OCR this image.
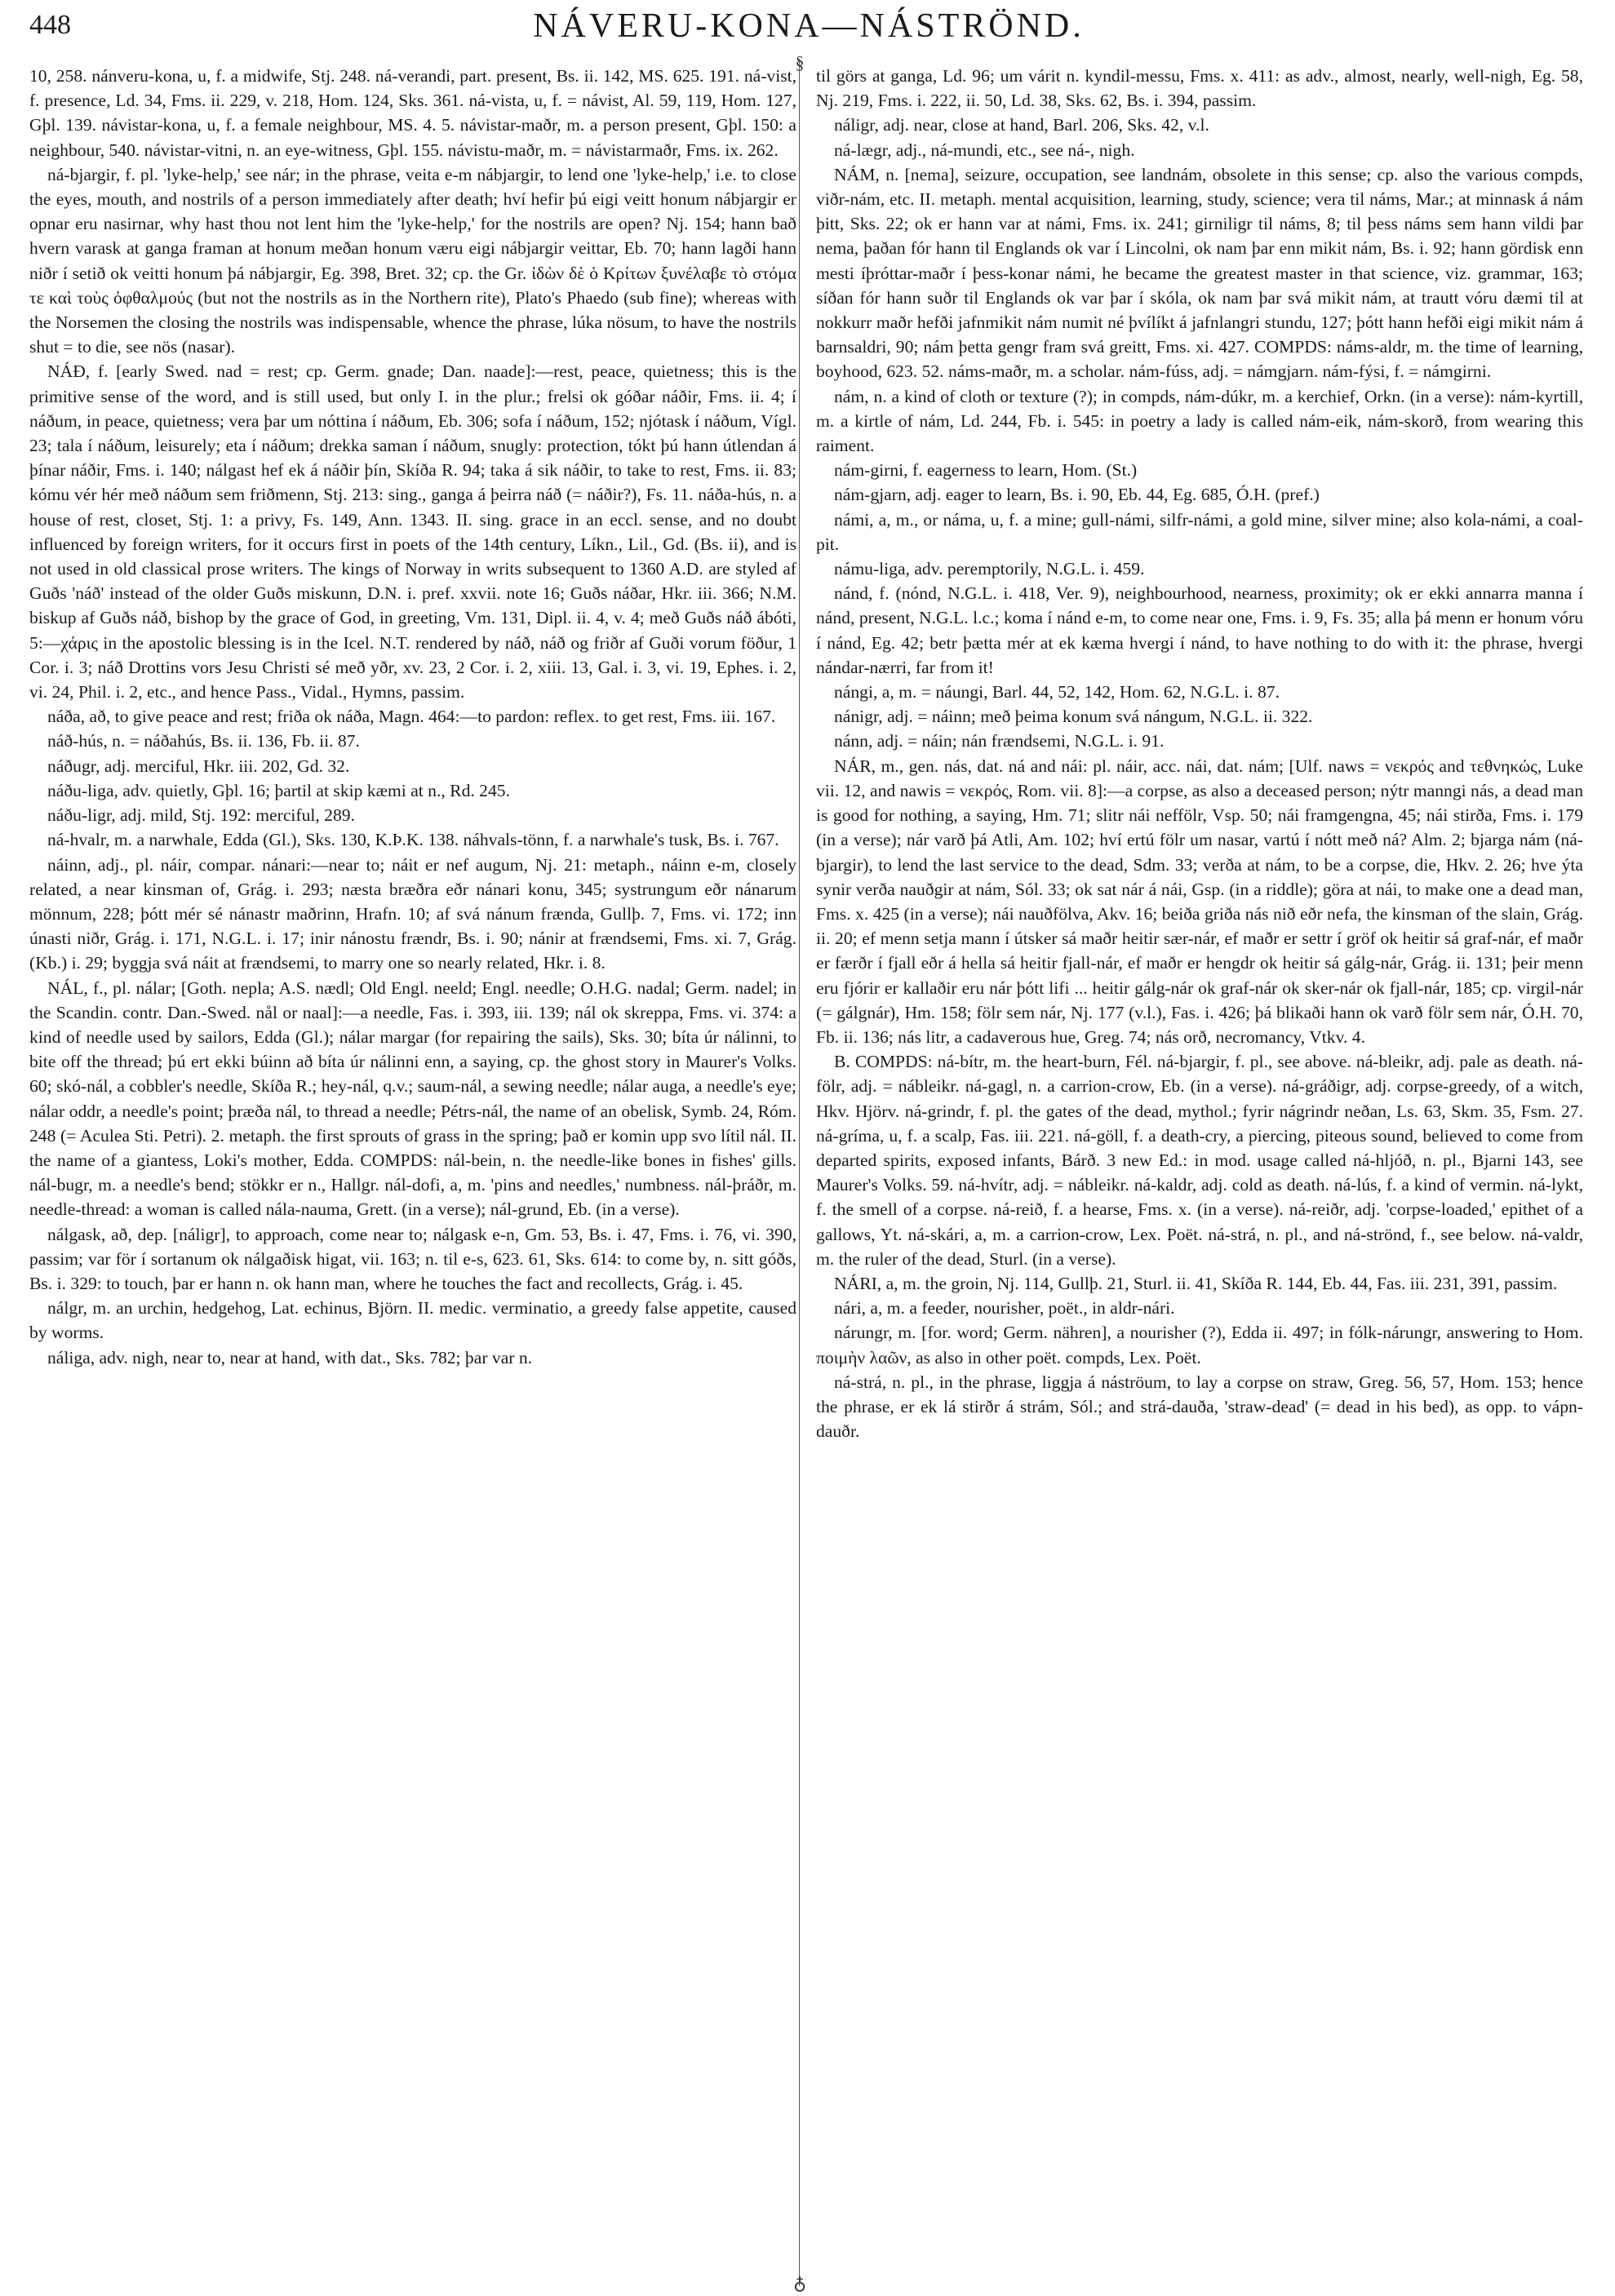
448	NÁVERU-KONA—NÁSTRÖND.
§
♁

10, 258. nánveru-kona, u, f. a midwife, Stj. 248. ná-verandi, part. present, Bs. ii. 142, MS. 625. 191. ná-vist, f. presence, Ld. 34, Fms. ii. 229, v. 218, Hom. 124, Sks. 361. ná-vista, u, f. = návist, Al. 59, 119, Hom. 127, Gþl. 139. návistar-kona, u, f. a female neighbour, MS. 4. 5. návistar-maðr, m. a person present, Gþl. 150: a neighbour, 540. návistar-vitni, n. an eye-witness, Gþl. 155. návistu-maðr, m. = návistarmaðr, Fms. ix. 262.

ná-bjargir, f. pl. 'lyke-help,' see nár; in the phrase, veita e-m nábjargir, to lend one 'lyke-help,' i.e. to close the eyes, mouth, and nostrils of a person immediately after death; hví hefir þú eigi veitt honum nábjargir er opnar eru nasirnar, why hast thou not lent him the 'lyke-help,' for the nostrils are open? Nj. 154; hann bað hvern varask at ganga framan at honum meðan honum væru eigi nábjargir veittar, Eb. 70; hann lagði hann niðr í setið ok veitti honum þá nábjargir, Eg. 398, Bret. 32; cp. the Gr. ἰδὼν δὲ ὁ Κρίτων ξυνέλαβε τὸ στόμα τε καὶ τοὺς ὀφθαλμούς (but not the nostrils as in the Northern rite), Plato's Phaedo (sub fine); whereas with the Norsemen the closing the nostrils was indispensable, whence the phrase, lúka nösum, to have the nostrils shut = to die, see nös (nasar).

NÁÐ, f. [early Swed. nad = rest; cp. Germ. gnade; Dan. naade]:—rest, peace, quietness; this is the primitive sense of the word, and is still used, but only I. in the plur.; frelsi ok góðar náðir, Fms. ii. 4; í náðum, in peace, quietness; vera þar um nóttina í náðum, Eb. 306; sofa í náðum, 152; njótask í náðum, Vígl. 23; tala í náðum, leisurely; eta í náðum; drekka saman í náðum, snugly: protection, tókt þú hann útlendan á þínar náðir, Fms. i. 140; nálgast hef ek á náðir þín, Skíða R. 94; taka á sik náðir, to take to rest, Fms. ii. 83; kómu vér hér með náðum sem friðmenn, Stj. 213: sing., ganga á þeirra náð (= náðir?), Fs. 11. náða-hús, n. a house of rest, closet, Stj. 1: a privy, Fs. 149, Ann. 1343. II. sing. grace in an eccl. sense, and no doubt influenced by foreign writers, for it occurs first in poets of the 14th century, Líkn., Lil., Gd. (Bs. ii), and is not used in old classical prose writers. The kings of Norway in writs subsequent to 1360 A.D. are styled af Guðs 'náð' instead of the older Guðs miskunn, D.N. i. pref. xxvii. note 16; Guðs náðar, Hkr. iii. 366; N.M. biskup af Guðs náð, bishop by the grace of God, in greeting, Vm. 131, Dipl. ii. 4, v. 4; með Guðs náð ábóti, 5:—χάρις in the apostolic blessing is in the Icel. N.T. rendered by náð, náð og friðr af Guði vorum föður, 1 Cor. i. 3; náð Drottins vors Jesu Christi sé með yðr, xv. 23, 2 Cor. i. 2, xiii. 13, Gal. i. 3, vi. 19, Ephes. i. 2, vi. 24, Phil. i. 2, etc., and hence Pass., Vidal., Hymns, passim.

náða, að, to give peace and rest; friða ok náða, Magn. 464:—to pardon: reflex. to get rest, Fms. iii. 167.

náð-hús, n. = náðahús, Bs. ii. 136, Fb. ii. 87.

náðugr, adj. merciful, Hkr. iii. 202, Gd. 32.

náðu-liga, adv. quietly, Gþl. 16; þartil at skip kæmi at n., Rd. 245.

náðu-ligr, adj. mild, Stj. 192: merciful, 289.

ná-hvalr, m. a narwhale, Edda (Gl.), Sks. 130, K.Þ.K. 138. náhvals-tönn, f. a narwhale's tusk, Bs. i. 767.

náinn, adj., pl. náir, compar. nánari:—near to; náit er nef augum, Nj. 21: metaph., náinn e-m, closely related, a near kinsman of, Grág. i. 293; næsta bræðra eðr nánari konu, 345; systrungum eðr nánarum mönnum, 228; þótt mér sé nánastr maðrinn, Hrafn. 10; af svá nánum frænda, Gullþ. 7, Fms. vi. 172; inn únasti niðr, Grág. i. 171, N.G.L. i. 17; inir nánostu frændr, Bs. i. 90; nánir at frændsemi, Fms. xi. 7, Grág. (Kb.) i. 29; byggja svá náit at frændsemi, to marry one so nearly related, Hkr. i. 8.

NÁL, f., pl. nálar; [Goth. nepla; A.S. nædl; Old Engl. neeld; Engl. needle; O.H.G. nadal; Germ. nadel; in the Scandin. contr. Dan.-Swed. nål or naal]:—a needle, Fas. i. 393, iii. 139; nál ok skreppa, Fms. vi. 374: a kind of needle used by sailors, Edda (Gl.); nálar margar (for repairing the sails), Sks. 30; bíta úr nálinni, to bite off the thread; þú ert ekki búinn að bíta úr nálinni enn, a saying, cp. the ghost story in Maurer's Volks. 60; skó-nál, a cobbler's needle, Skíða R.; hey-nál, q.v.; saum-nál, a sewing needle; nálar auga, a needle's eye; nálar oddr, a needle's point; þræða nál, to thread a needle; Pétrs-nál, the name of an obelisk, Symb. 24, Róm. 248 (= Aculea Sti. Petri). 2. metaph. the first sprouts of grass in the spring; það er komin upp svo lítil nál. II. the name of a giantess, Loki's mother, Edda. COMPDS: nál-bein, n. the needle-like bones in fishes' gills. nál-bugr, m. a needle's bend; stökkr er n., Hallgr. nál-dofi, a, m. 'pins and needles,' numbness. nál-þráðr, m. needle-thread: a woman is called nála-nauma, Grett. (in a verse); nál-grund, Eb. (in a verse).

nálgask, að, dep. [náligr], to approach, come near to; nálgask e-n, Gm. 53, Bs. i. 47, Fms. i. 76, vi. 390, passim; var för í sortanum ok nálgaðisk higat, vii. 163; n. til e-s, 623. 61, Sks. 614: to come by, n. sitt góðs, Bs. i. 329: to touch, þar er hann n. ok hann man, where he touches the fact and recollects, Grág. i. 45.

nálgr, m. an urchin, hedgehog, Lat. echinus, Björn. II. medic. verminatio, a greedy false appetite, caused by worms.

náliga, adv. nigh, near to, near at hand, with dat., Sks. 782; þar var n.

til görs at ganga, Ld. 96; um várit n. kyndil-messu, Fms. x. 411: as adv., almost, nearly, well-nigh, Eg. 58, Nj. 219, Fms. i. 222, ii. 50, Ld. 38, Sks. 62, Bs. i. 394, passim.

náligr, adj. near, close at hand, Barl. 206, Sks. 42, v.l.

ná-lægr, adj., ná-mundi, etc., see ná-, nigh.

NÁM, n. [nema], seizure, occupation, see landnám, obsolete in this sense; cp. also the various compds, viðr-nám, etc. II. metaph. mental acquisition, learning, study, science; vera til náms, Mar.; at minnask á nám þitt, Sks. 22; ok er hann var at námi, Fms. ix. 241; girniligr til náms, 8; til þess náms sem hann vildi þar nema, þaðan fór hann til Englands ok var í Lincolni, ok nam þar enn mikit nám, Bs. i. 92; hann gördisk enn mesti íþróttar-maðr í þess-konar námi, he became the greatest master in that science, viz. grammar, 163; síðan fór hann suðr til Englands ok var þar í skóla, ok nam þar svá mikit nám, at trautt vóru dæmi til at nokkurr maðr hefði jafnmikit nám numit né þvílíkt á jafnlangri stundu, 127; þótt hann hefði eigi mikit nám á barnsaldri, 90; nám þetta gengr fram svá greitt, Fms. xi. 427. COMPDS: náms-aldr, m. the time of learning, boyhood, 623. 52. náms-maðr, m. a scholar. nám-fúss, adj. = námgjarn. nám-fýsi, f. = námgirni.

nám, n. a kind of cloth or texture (?); in compds, nám-dúkr, m. a kerchief, Orkn. (in a verse): nám-kyrtill, m. a kirtle of nám, Ld. 244, Fb. i. 545: in poetry a lady is called nám-eik, nám-skorð, from wearing this raiment.

nám-girni, f. eagerness to learn, Hom. (St.)

nám-gjarn, adj. eager to learn, Bs. i. 90, Eb. 44, Eg. 685, Ó.H. (pref.)

námi, a, m., or náma, u, f. a mine; gull-námi, silfr-námi, a gold mine, silver mine; also kola-námi, a coal-pit.

námu-liga, adv. peremptorily, N.G.L. i. 459.

nánd, f. (nónd, N.G.L. i. 418, Ver. 9), neighbourhood, nearness, proximity; ok er ekki annarra manna í nánd, present, N.G.L. l.c.; koma í nánd e-m, to come near one, Fms. i. 9, Fs. 35; alla þá menn er honum vóru í nánd, Eg. 42; betr þætta mér at ek kæma hvergi í nánd, to have nothing to do with it: the phrase, hvergi nándar-nærri, far from it!

nángi, a, m. = náungi, Barl. 44, 52, 142, Hom. 62, N.G.L. i. 87.

nánigr, adj. = náinn; með þeima konum svá nángum, N.G.L. ii. 322.

nánn, adj. = náin; nán frændsemi, N.G.L. i. 91.

NÁR, m., gen. nás, dat. ná and nái: pl. náir, acc. nái, dat. nám; [Ulf. naws = νεκρός and τεθνηκώς, Luke vii. 12, and nawis = νεκρός, Rom. vii. 8]:—a corpse, as also a deceased person; nýtr manngi nás, a dead man is good for nothing, a saying, Hm. 71; slitr nái neffölr, Vsp. 50; nái framgengna, 45; nái stirða, Fms. i. 179 (in a verse); nár varð þá Atli, Am. 102; hví ertú fölr um nasar, vartú í nótt með ná? Alm. 2; bjarga nám (ná-bjargir), to lend the last service to the dead, Sdm. 33; verða at nám, to be a corpse, die, Hkv. 2. 26; hve ýta synir verða nauðgir at nám, Sól. 33; ok sat nár á nái, Gsp. (in a riddle); göra at nái, to make one a dead man, Fms. x. 425 (in a verse); nái nauðfölva, Akv. 16; beiða griða nás nið eðr nefa, the kinsman of the slain, Grág. ii. 20; ef menn setja mann í útsker sá maðr heitir sær-nár, ef maðr er settr í gröf ok heitir sá graf-nár, ef maðr er færðr í fjall eðr á hella sá heitir fjall-nár, ef maðr er hengdr ok heitir sá gálg-nár, Grág. ii. 131; þeir menn eru fjórir er kallaðir eru nár þótt lifi ... heitir gálg-nár ok graf-nár ok sker-nár ok fjall-nár, 185; cp. virgil-nár (= gálgnár), Hm. 158; fölr sem nár, Nj. 177 (v.l.), Fas. i. 426; þá blikaði hann ok varð fölr sem nár, Ó.H. 70, Fb. ii. 136; nás litr, a cadaverous hue, Greg. 74; nás orð, necromancy, Vtkv. 4.

B. COMPDS: ná-bítr, m. the heart-burn, Fél. ná-bjargir, f. pl., see above. ná-bleikr, adj. pale as death. ná-fölr, adj. = nábleikr. ná-gagl, n. a carrion-crow, Eb. (in a verse). ná-gráðigr, adj. corpse-greedy, of a witch, Hkv. Hjörv. ná-grindr, f. pl. the gates of the dead, mythol.; fyrir nágrindr neðan, Ls. 63, Skm. 35, Fsm. 27. ná-gríma, u, f. a scalp, Fas. iii. 221. ná-göll, f. a death-cry, a piercing, piteous sound, believed to come from departed spirits, exposed infants, Bárð. 3 new Ed.: in mod. usage called ná-hljóð, n. pl., Bjarni 143, see Maurer's Volks. 59. ná-hvítr, adj. = nábleikr. ná-kaldr, adj. cold as death. ná-lús, f. a kind of vermin. ná-lykt, f. the smell of a corpse. ná-reið, f. a hearse, Fms. x. (in a verse). ná-reiðr, adj. 'corpse-loaded,' epithet of a gallows, Yt. ná-skári, a, m. a carrion-crow, Lex. Poët. ná-strá, n. pl., and ná-strönd, f., see below. ná-valdr, m. the ruler of the dead, Sturl. (in a verse).

NÁRI, a, m. the groin, Nj. 114, Gullþ. 21, Sturl. ii. 41, Skíða R. 144, Eb. 44, Fas. iii. 231, 391, passim.

nári, a, m. a feeder, nourisher, poët., in aldr-nári.

nárungr, m. [for. word; Germ. nähren], a nourisher (?), Edda ii. 497; in fólk-nárungr, answering to Hom. ποιμὴν λαῶν, as also in other poët. compds, Lex. Poët.

ná-strá, n. pl., in the phrase, liggja á náströum, to lay a corpse on straw, Greg. 56, 57, Hom. 153; hence the phrase, er ek lá stirðr á strám, Sól.; and strá-dauða, 'straw-dead' (= dead in his bed), as opp. to vápn-dauðr.
